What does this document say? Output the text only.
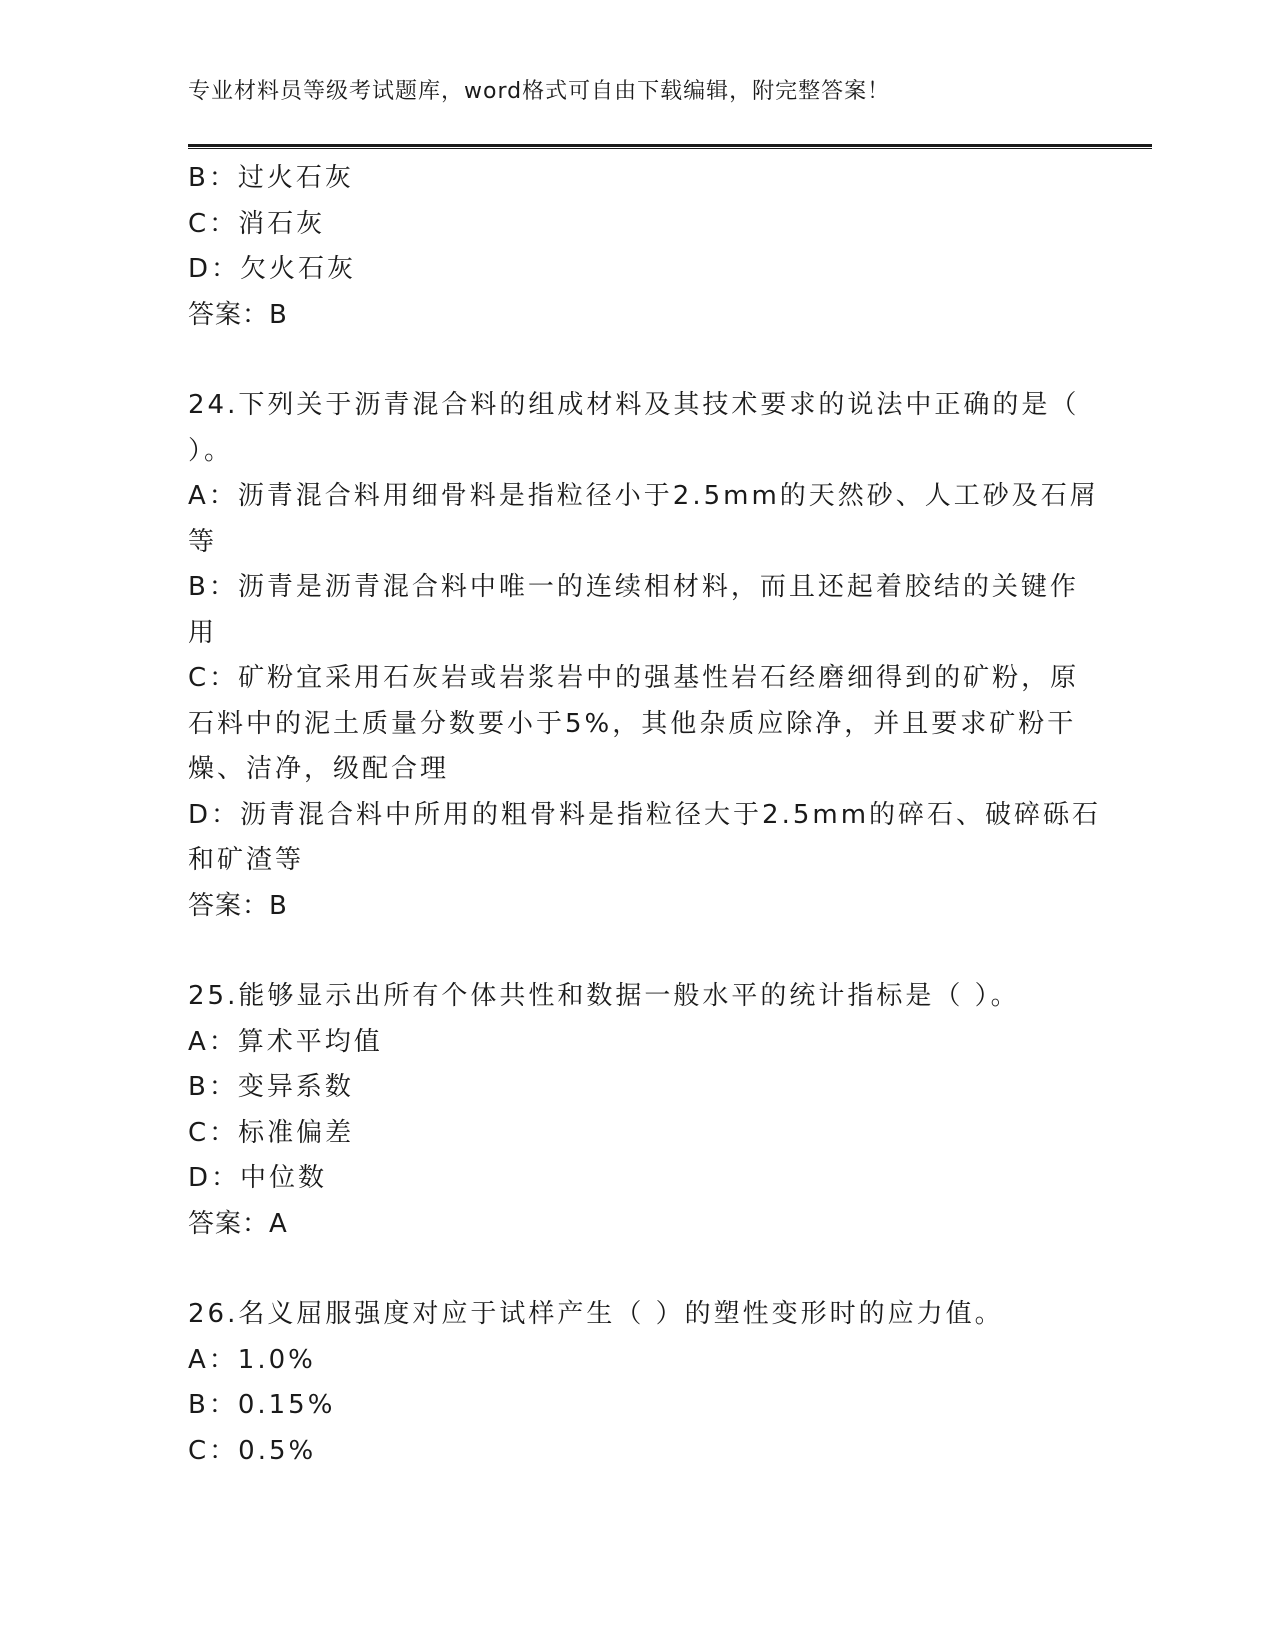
专业材料员等级考试题库，word格式可自由下载编辑，附完整答案！
B：过火石灰
C：消石灰
D：欠火石灰
答案：B
24.下列关于沥青混合料的组成材料及其技术要求的说法中正确的是（
）。
A：沥青混合料用细骨料是指粒径小于2.5mm的天然砂、人工砂及石屑
等
B：沥青是沥青混合料中唯一的连续相材料，而且还起着胶结的关键作
用
C：矿粉宜采用石灰岩或岩浆岩中的强基性岩石经磨细得到的矿粉，原
石料中的泥土质量分数要小于5%，其他杂质应除净，并且要求矿粉干
燥、洁净，级配合理
D：沥青混合料中所用的粗骨料是指粒径大于2.5mm的碎石、破碎砾石
和矿渣等
答案：B
25.能够显示出所有个体共性和数据一般水平的统计指标是（ ）。
A：算术平均值
B：变异系数
C：标准偏差
D：中位数
答案：A
26.名义屈服强度对应于试样产生（ ）的塑性变形时的应力值。
A：1.0%
B：0.15%
C：0.5%
